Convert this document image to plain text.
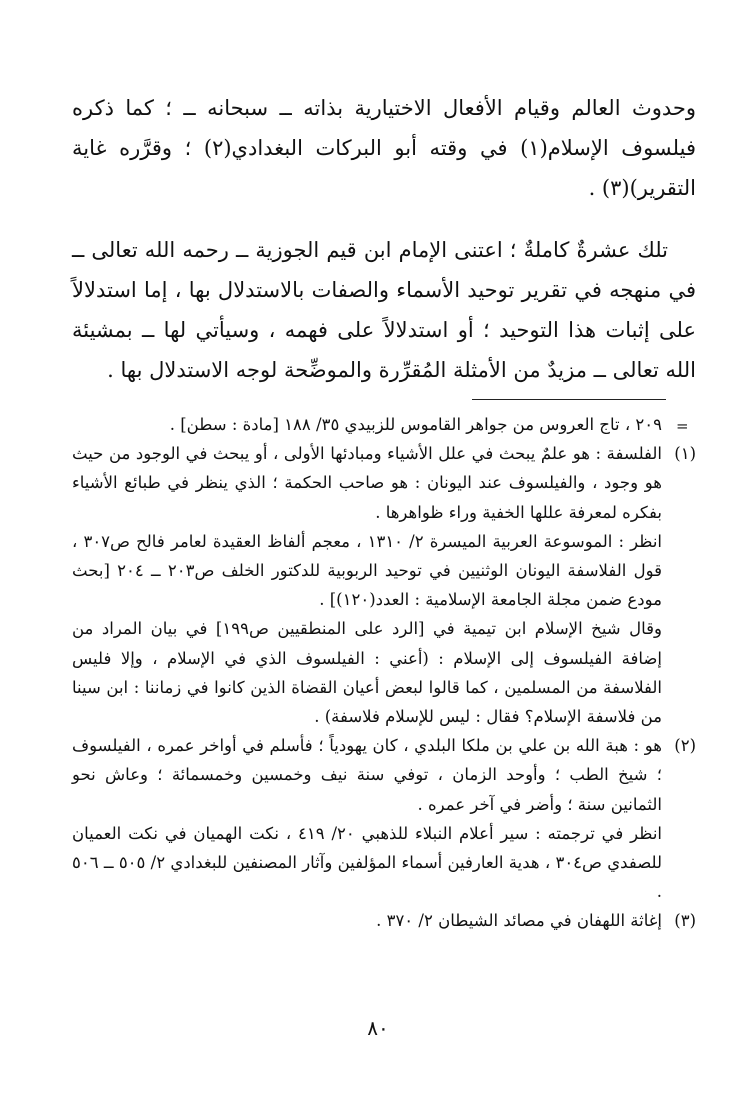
وحدوث العالم وقيام الأفعال الاختيارية بذاته ــ سبحانه ــ ؛ كما ذكره فيلسوف الإسلام(١) في وقته أبو البركات البغدادي(٢) ؛ وقرَّره غاية التقرير)(٣) .

تلك عشرةٌ كاملةٌ ؛ اعتنى الإمام ابن قيم الجوزية ــ رحمه الله تعالى ــ في منهجه في تقرير توحيد الأسماء والصفات بالاستدلال بها ، إما استدلالاً على إثبات هذا التوحيد ؛ أو استدلالاً على فهمه ، وسيأتي لها ــ بمشيئة الله تعالى ــ مزيدٌ من الأمثلة المُقرِّرة والموضِّحة لوجه الاستدلال بها .

=
٢٠٩ ، تاج العروس من جواهر القاموس للزبيدي ٣٥/ ١٨٨ [مادة : سطن] .
(١)
الفلسفة : هو علمٌ يبحث في علل الأشياء ومبادئها الأولى ، أو يبحث في الوجود من حيث هو وجود ، والفيلسوف عند اليونان : هو صاحب الحكمة ؛ الذي ينظر في طبائع الأشياء بفكره لمعرفة عللها الخفية وراء ظواهرها .
انظر : الموسوعة العربية الميسرة ٢/ ١٣١٠ ، معجم ألفاظ العقيدة لعامر فالح ص٣٠٧ ، قول الفلاسفة اليونان الوثنيين في توحيد الربوبية للدكتور الخلف ص٢٠٣ ــ ٢٠٤ [بحث مودع ضمن مجلة الجامعة الإسلامية : العدد(١٢٠)] .
وقال شيخ الإسلام ابن تيمية في [الرد على المنطقيين ص١٩٩] في بيان المراد من إضافة الفيلسوف إلى الإسلام : (أعني : الفيلسوف الذي في الإسلام ، وإلا فليس الفلاسفة من المسلمين ، كما قالوا لبعض أعيان القضاة الذين كانوا في زماننا : ابن سينا من فلاسفة الإسلام؟ فقال : ليس للإسلام فلاسفة) .
(٢)
هو : هبة الله بن علي بن ملكا البلدي ، كان يهودياً ؛ فأسلم في أواخر عمره ، الفيلسوف ؛ شيخ الطب ؛ وأوحد الزمان ، توفي سنة نيف وخمسين وخمسمائة ؛ وعاش نحو الثمانين سنة ؛ وأضر في آخر عمره .
انظر في ترجمته : سير أعلام النبلاء للذهبي ٢٠/ ٤١٩ ، نكت الهميان في نكت العميان للصفدي ص٣٠٤ ، هدية العارفين أسماء المؤلفين وآثار المصنفين للبغدادي ٢/ ٥٠٥ ــ ٥٠٦ .
(٣)
إغاثة اللهفان في مصائد الشيطان ٢/ ٣٧٠ .
٨٠
